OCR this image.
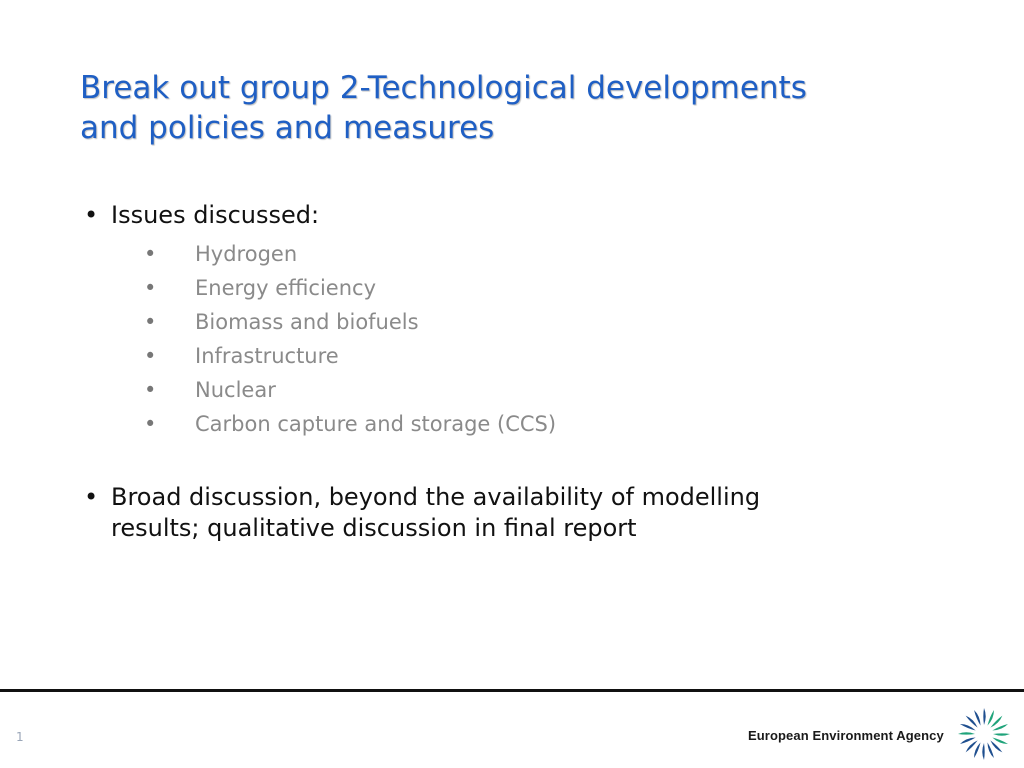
Break out group 2-Technological developments
and policies and measures
• Issues discussed:
• Hydrogen
• Energy efficiency
• Biomass and biofuels
• Infrastructure
• Nuclear
• Carbon capture and storage (CCS)
• Broad discussion, beyond the availability of modelling
results; qualitative discussion in final report
1	European Environment Agency
